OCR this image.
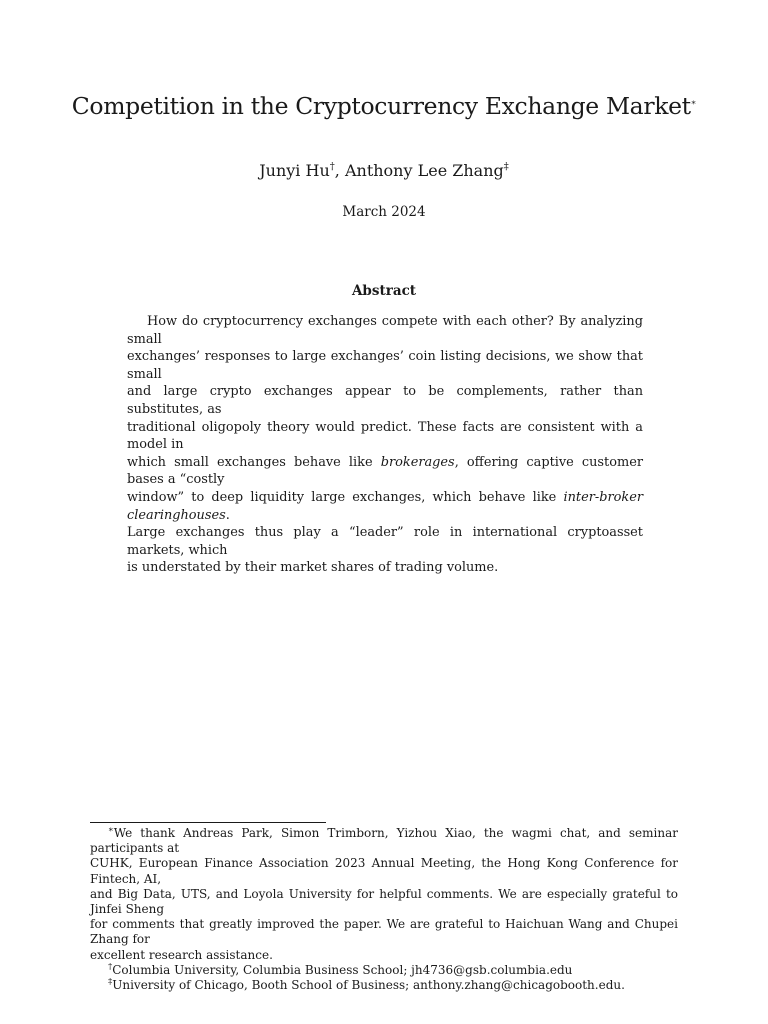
Competition in the Cryptocurrency Exchange Market∗
Junyi Hu†, Anthony Lee Zhang‡
March 2024
Abstract
How do cryptocurrency exchanges compete with each other? By analyzing small
exchanges’ responses to large exchanges’ coin listing decisions, we show that small
and large crypto exchanges appear to be complements, rather than substitutes, as
traditional oligopoly theory would predict. These facts are consistent with a model in
which small exchanges behave like brokerages, offering captive customer bases a “costly
window” to deep liquidity large exchanges, which behave like inter-broker clearinghouses.
Large exchanges thus play a “leader” role in international cryptoasset markets, which
is understated by their market shares of trading volume.
∗We thank Andreas Park, Simon Trimborn, Yizhou Xiao, the wagmi chat, and seminar participants at
CUHK, European Finance Association 2023 Annual Meeting, the Hong Kong Conference for Fintech, AI,
and Big Data, UTS, and Loyola University for helpful comments. We are especially grateful to Jinfei Sheng
for comments that greatly improved the paper. We are grateful to Haichuan Wang and Chupei Zhang for
excellent research assistance.
†Columbia University, Columbia Business School; jh4736@gsb.columbia.edu
‡University of Chicago, Booth School of Business; anthony.zhang@chicagobooth.edu.
